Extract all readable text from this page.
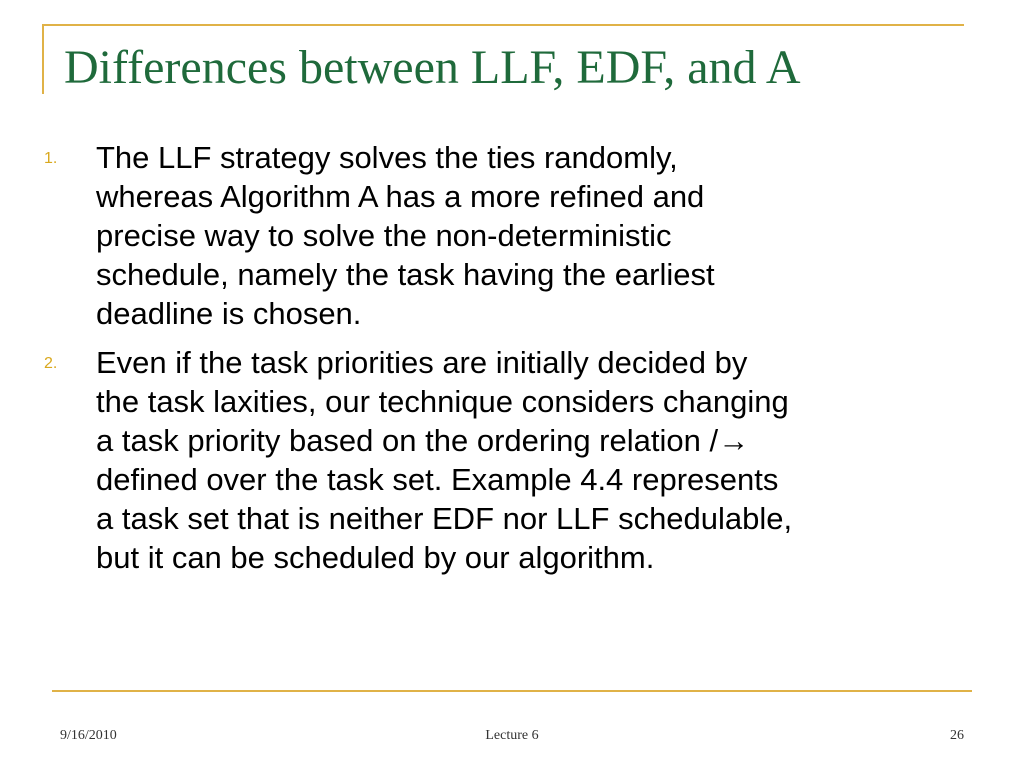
Differences between LLF, EDF, and A
1. The LLF strategy solves the ties randomly,
whereas Algorithm A has a more refined and
precise way to solve the non-deterministic
schedule, namely the task having the earliest
deadline is chosen.
2. Even if the task priorities are initially decided by
the task laxities, our technique considers changing
a task priority based on the ordering relation /→
defined over the task set. Example 4.4 represents
a task set that is neither EDF nor LLF schedulable,
but it can be scheduled by our algorithm.

9/16/2010	Lecture 6	26
